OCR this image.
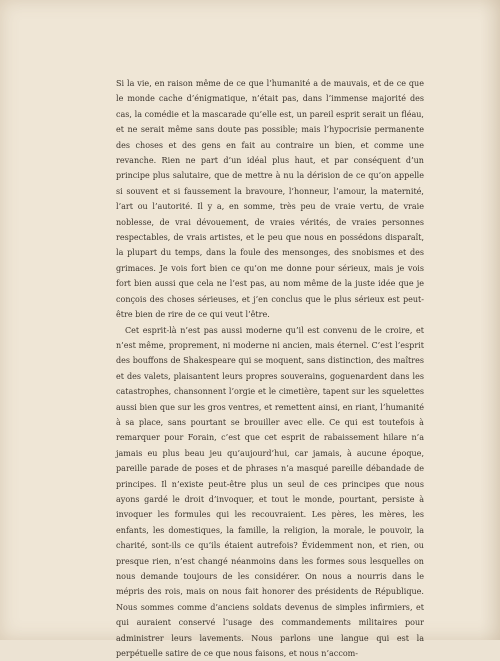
Si la vie, en raison même de ce que l’humanité a de mauvais, et de ce que le monde cache d’énigmatique, n’était pas, dans l’immense majorité des cas, la comédie et la mascarade qu’elle est, un pareil esprit serait un fléau, et ne serait même sans doute pas possible; mais l’hypocrisie permanente des choses et des gens en fait au contraire un bien, et comme une revanche. Rien ne part d’un idéal plus haut, et par conséquent d’un principe plus salutaire, que de mettre à nu la dérision de ce qu’on appelle si souvent et si faussement la bravoure, l’honneur, l’amour, la maternité, l’art ou l’autorité. Il y a, en somme, très peu de vraie vertu, de vraie noblesse, de vrai dévouement, de vraies vérités, de vraies personnes respectables, de vrais artistes, et le peu que nous en possédons disparaît, la plupart du temps, dans la foule des mensonges, des snobismes et des grimaces. Je vois fort bien ce qu’on me donne pour sérieux, mais je vois fort bien aussi que cela ne l’est pas, au nom même de la juste idée que je conçois des choses sérieuses, et j’en conclus que le plus sérieux est peut-être bien de rire de ce qui veut l’être.

Cet esprit-là n’est pas aussi moderne qu’il est convenu de le croire, et n’est même, proprement, ni moderne ni ancien, mais éternel. C’est l’esprit des bouffons de Shakespeare qui se moquent, sans distinction, des maîtres et des valets, plaisantent leurs propres souverains, goguenardent dans les catastrophes, chansonnent l’orgie et le cimetière, tapent sur les squelettes aussi bien que sur les gros ventres, et remettent ainsi, en riant, l’humanité à sa place, sans pourtant se brouiller avec elle. Ce qui est toutefois à remarquer pour Forain, c’est que cet esprit de rabaissement hilare n’a jamais eu plus beau jeu qu’aujourd’hui, car jamais, à aucune époque, pareille parade de poses et de phrases n’a masqué pareille débandade de principes. Il n’existe peut-être plus un seul de ces principes que nous ayons gardé le droit d’invoquer, et tout le monde, pourtant, persiste à invoquer les formules qui les recouvraient. Les pères, les mères, les enfants, les domestiques, la famille, la religion, la morale, le pouvoir, la charité, sont-ils ce qu’ils étaient autrefois? Évidemment non, et rien, ou presque rien, n’est changé néanmoins dans les formes sous lesquelles on nous demande toujours de les considérer. On nous a nourris dans le mépris des rois, mais on nous fait honorer des présidents de République. Nous sommes comme d’anciens soldats devenus de simples infirmiers, et qui auraient conservé l’usage des commandements militaires pour administrer leurs lavements. Nous parlons une langue qui est la perpétuelle satire de ce que nous faisons, et nous n’accom-
